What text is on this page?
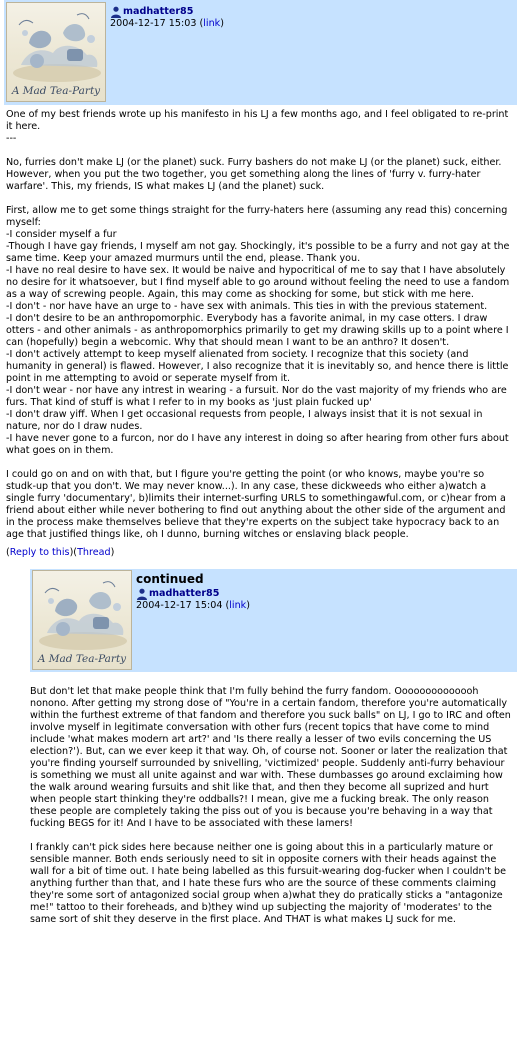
A Mad Tea-Party
madhatter85
2004-12-17 15:03 (link)
One of my best friends wrote up his manifesto in his LJ a few months ago, and I feel obligated to re-print it here.
---
No, furries don't make LJ (or the planet) suck. Furry bashers do not make LJ (or the planet) suck, either. However, when you put the two together, you get something along the lines of 'furry v. furry-hater warfare'. This, my friends, IS what makes LJ (and the planet) suck.
First, allow me to get some things straight for the furry-haters here (assuming any read this) concerning myself:
-I consider myself a fur
-Though I have gay friends, I myself am not gay. Shockingly, it's possible to be a furry and not gay at the same time. Keep your amazed murmurs until the end, please. Thank you.
-I have no real desire to have sex. It would be naive and hypocritical of me to say that I have absolutely no desire for it whatsoever, but I find myself able to go around without feeling the need to use a fandom as a way of screwing people. Again, this may come as shocking for some, but stick with me here.
-I don't - nor have have an urge to - have sex with animals. This ties in with the previous statement.
-I don't desire to be an anthropomorphic. Everybody has a favorite animal, in my case otters. I draw otters - and other animals - as anthropomorphics primarily to get my drawing skills up to a point where I can (hopefully) begin a webcomic. Why that should mean I want to be an anthro? It dosen't.
-I don't actively attempt to keep myself alienated from society. I recognize that this society (and humanity in general) is flawed. However, I also recognize that it is inevitably so, and hence there is little point in me attempting to avoid or seperate myself from it.
-I don't wear - nor have any intrest in wearing - a fursuit. Nor do the vast majority of my friends who are furs. That kind of stuff is what I refer to in my books as 'just plain fucked up'
-I don't draw yiff. When I get occasional requests from people, I always insist that it is not sexual in nature, nor do I draw nudes.
-I have never gone to a furcon, nor do I have any interest in doing so after hearing from other furs about what goes on in them.
I could go on and on with that, but I figure you're getting the point (or who knows, maybe you're so studk-up that you don't. We may never know...). In any case, these dickweeds who either a)watch a single furry 'documentary', b)limits their internet-surfing URLS to somethingawful.com, or c)hear from a friend about either while never bothering to find out anything about the other side of the argument and in the process make themselves believe that they're experts on the subject take hypocracy back to an age that justified things like, oh I dunno, burning witches or enslaving black people.
(Reply to this)(Thread)
A Mad Tea-Party
continued
madhatter85
2004-12-17 15:04 (link)
But don't let that make people think that I'm fully behind the furry fandom. Oooooooooooooh nonono. After getting my strong dose of "You're in a certain fandom, therefore you're automatically within the furthest extreme of that fandom and therefore you suck balls" on LJ, I go to IRC and often involve myself in legitimate conversation with other furs (recent topics that have come to mind include 'what makes modern art art?' and 'Is there really a lesser of two evils concerning the US election?'). But, can we ever keep it that way. Oh, of course not. Sooner or later the realization that you're finding yourself surrounded by snivelling, 'victimized' people. Suddenly anti-furry behaviour is something we must all unite against and war with. These dumbasses go around exclaiming how the walk around wearing fursuits and shit like that, and then they become all suprized and hurt when people start thinking they're oddballs?! I mean, give me a fucking break. The only reason these people are completely taking the piss out of you is because you're behaving in a way that fucking BEGS for it! And I have to be associated with these lamers!
I frankly can't pick sides here because neither one is going about this in a particularly mature or sensible manner. Both ends seriously need to sit in opposite corners with their heads against the wall for a bit of time out. I hate being labelled as this fursuit-wearing dog-fucker when I couldn't be anything further than that, and I hate these furs who are the source of these comments claiming they're some sort of antagonized social group when a)what they do pratically sticks a "antagonize me!" tattoo to their foreheads, and b)they wind up subjecting the majority of 'moderates' to the same sort of shit they deserve in the first place. And THAT is what makes LJ suck for me.
